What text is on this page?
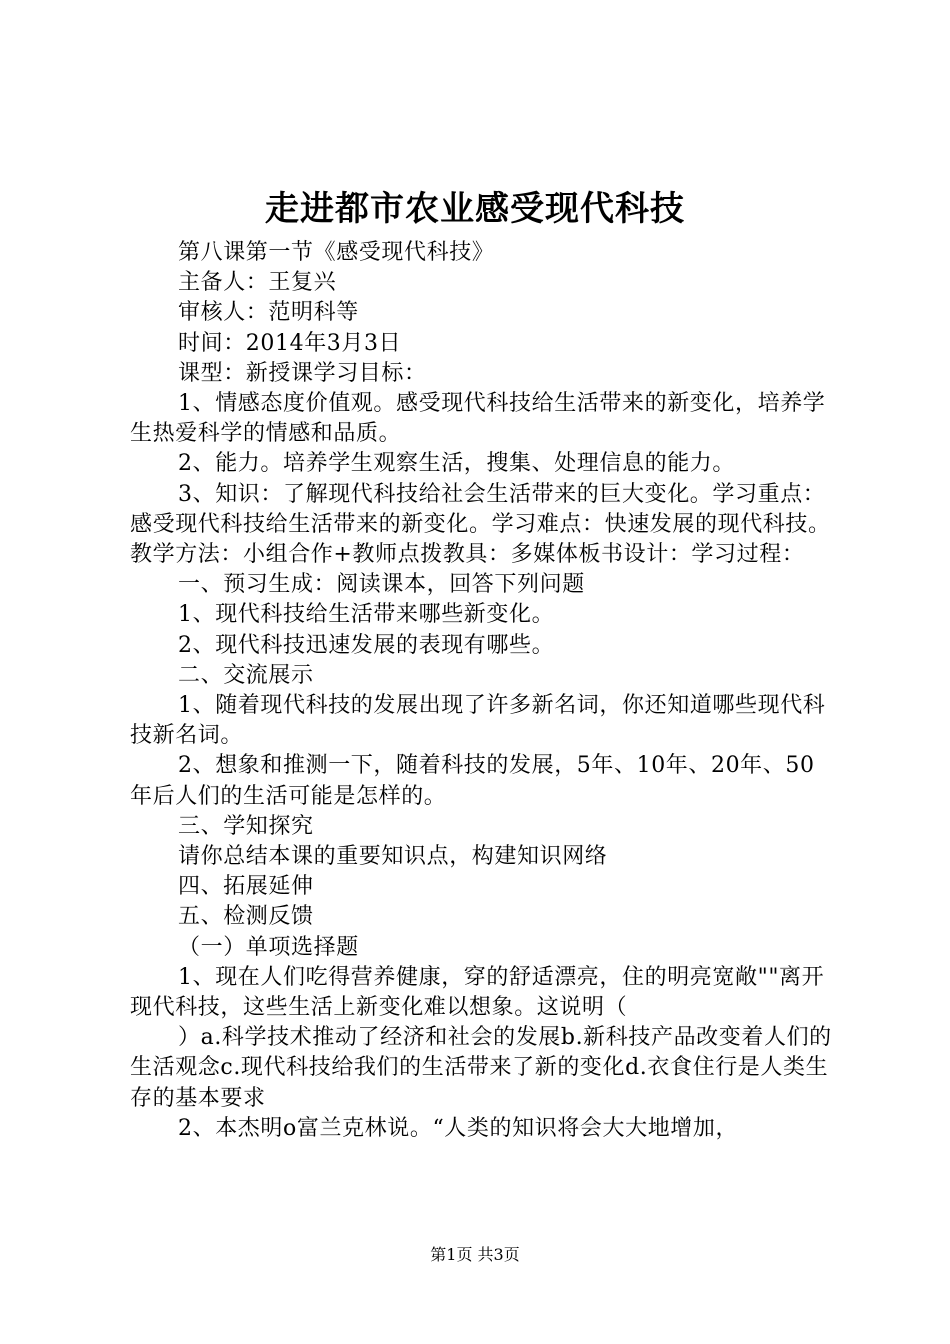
走进都市农业感受现代科技

第八课第一节《感受现代科技》

主备人：王复兴

审核人：范明科等

时间：2014年3月3日

课型：新授课学习目标：

1、情感态度价值观。感受现代科技给生活带来的新变化，培养学生热爱科学的情感和品质。

2、能力。培养学生观察生活，搜集、处理信息的能力。

3、知识：了解现代科技给社会生活带来的巨大变化。学习重点：感受现代科技给生活带来的新变化。学习难点：快速发展的现代科技。教学方法：小组合作+教师点拨教具：多媒体板书设计：学习过程：

一、预习生成：阅读课本，回答下列问题

1、现代科技给生活带来哪些新变化。

2、现代科技迅速发展的表现有哪些。

二、交流展示

1、随着现代科技的发展出现了许多新名词，你还知道哪些现代科技新名词。

2、想象和推测一下，随着科技的发展，5年、10年、20年、50年后人们的生活可能是怎样的。

三、学知探究

请你总结本课的重要知识点，构建知识网络

四、拓展延伸

五、检测反馈

（一）单项选择题

1、现在人们吃得营养健康，穿的舒适漂亮，住的明亮宽敞""离开现代科技，这些生活上新变化难以想象。这说明（

）a.科学技术推动了经济和社会的发展b.新科技产品改变着人们的生活观念c.现代科技给我们的生活带来了新的变化d.衣食住行是人类生存的基本要求

2、本杰明o富兰克林说。“人类的知识将会大大地增加，

第1页 共3页
